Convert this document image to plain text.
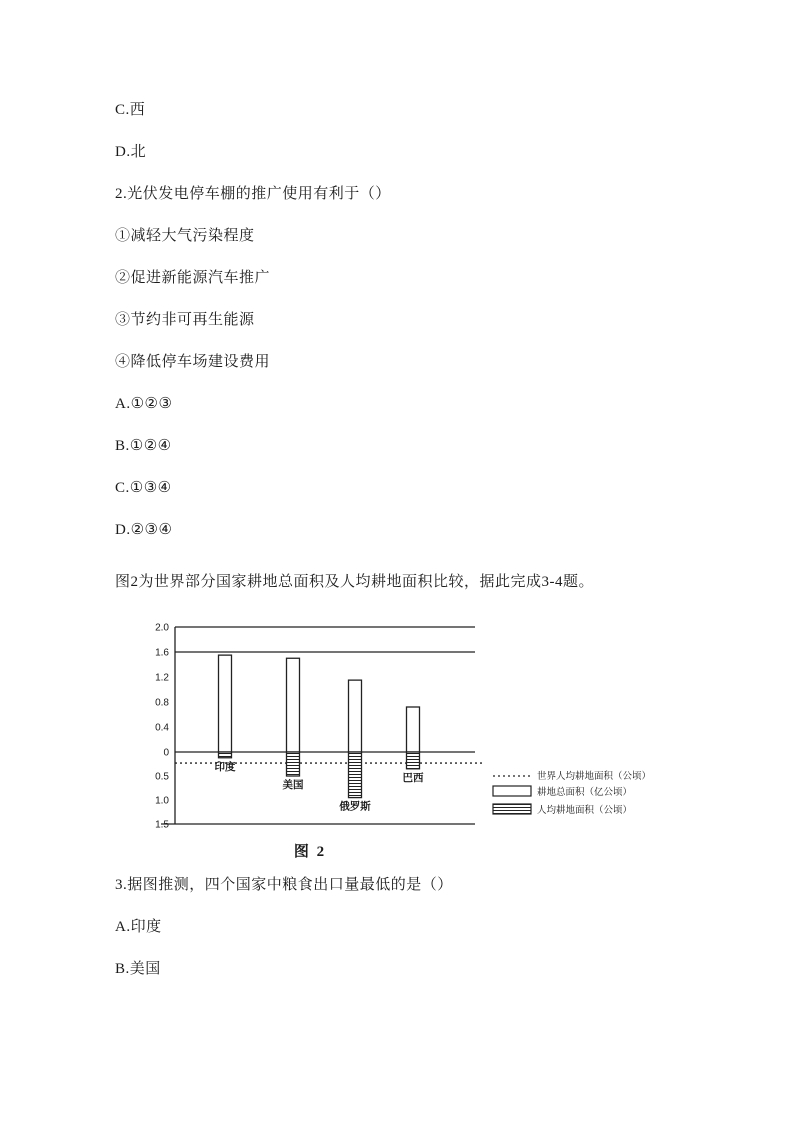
C.西

D.北

2.光伏发电停车棚的推广使用有利于（）

①减轻大气污染程度

②促进新能源汽车推广

③节约非可再生能源

④降低停车场建设费用

A.①②③

B.①②④

C.①③④

D.②③④

图2为世界部分国家耕地总面积及人均耕地面积比较，据此完成3-4题。

2.0
1.6
1.2
0.8
0.4
0
0.5
1.0
1.5
印度
美国
俄罗斯
巴西	世界人均耕地面积（公顷）
耕地总面积（亿公顷）
人均耕地面积（公顷）
图 2

3.据图推测，四个国家中粮食出口量最低的是（）

A.印度

B.美国
